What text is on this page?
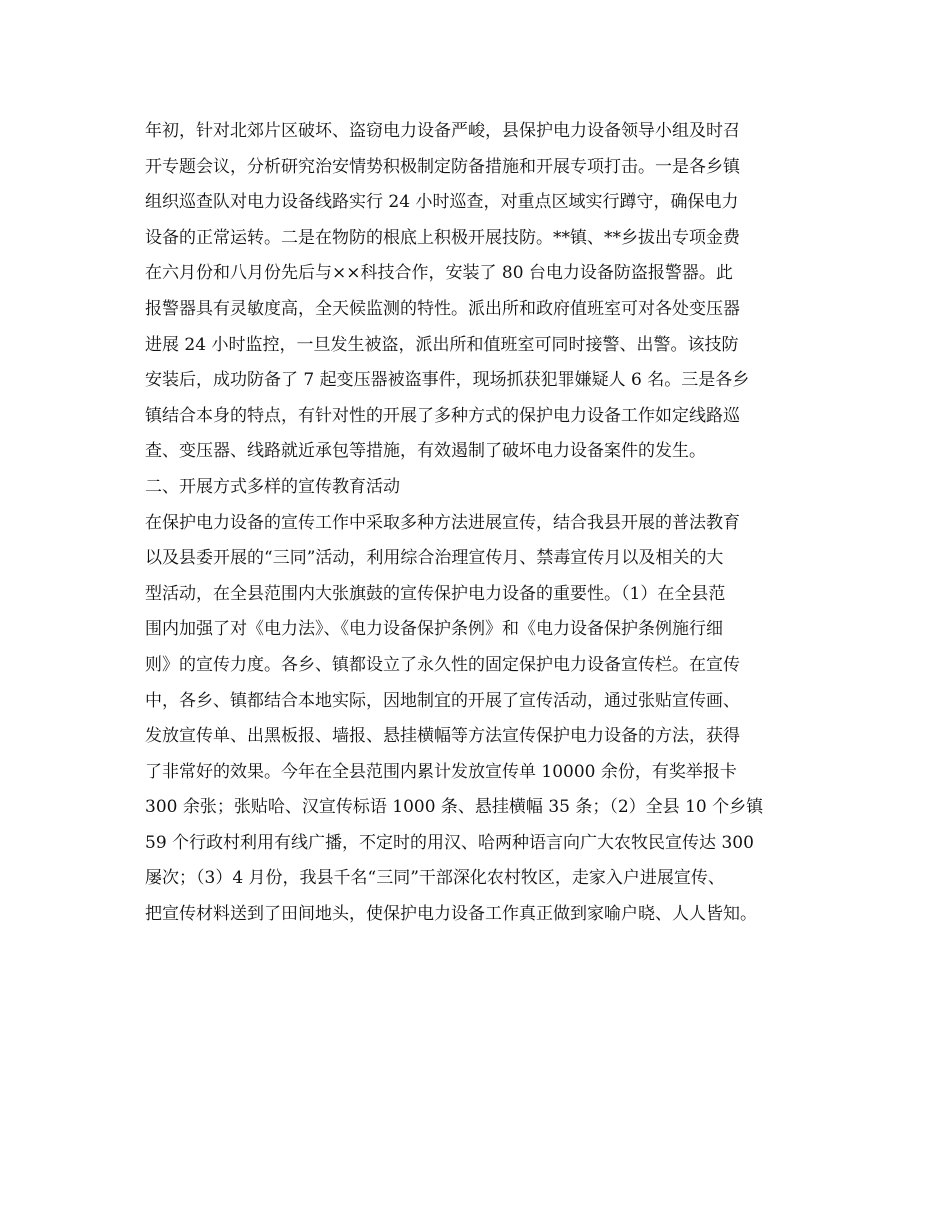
年初，针对北郊片区破坏、盗窃电力设备严峻，县保护电力设备领导小组及时召
开专题会议，分析研究治安情势积极制定防备措施和开展专项打击。一是各乡镇
组织巡查队对电力设备线路实行 24 小时巡查，对重点区域实行蹲守，确保电力
设备的正常运转。二是在物防的根底上积极开展技防。**镇、**乡拔出专项金费
在六月份和八月份先后与××科技合作，安装了 80 台电力设备防盗报警器。此
报警器具有灵敏度高，全天候监测的特性。派出所和政府值班室可对各处变压器
进展 24 小时监控，一旦发生被盗，派出所和值班室可同时接警、出警。该技防
安装后，成功防备了 7 起变压器被盗事件，现场抓获犯罪嫌疑人 6 名。三是各乡
镇结合本身的特点，有针对性的开展了多种方式的保护电力设备工作如定线路巡
查、变压器、线路就近承包等措施，有效遏制了破坏电力设备案件的发生。
二、开展方式多样的宣传教育活动
在保护电力设备的宣传工作中采取多种方法进展宣传，结合我县开展的普法教育
以及县委开展的“三同”活动，利用综合治理宣传月、禁毒宣传月以及相关的大
型活动，在全县范围内大张旗鼓的宣传保护电力设备的重要性。（1）在全县范
围内加强了对《电力法》、《电力设备保护条例》和《电力设备保护条例施行细
则》的宣传力度。各乡、镇都设立了永久性的固定保护电力设备宣传栏。在宣传
中，各乡、镇都结合本地实际，因地制宜的开展了宣传活动，通过张贴宣传画、
发放宣传单、出黑板报、墙报、悬挂横幅等方法宣传保护电力设备的方法，获得
了非常好的效果。今年在全县范围内累计发放宣传单 10000 余份，有奖举报卡
300 余张；张贴哈、汉宣传标语 1000 条、悬挂横幅 35 条；（2）全县 10 个乡镇
59 个行政村利用有线广播，不定时的用汉、哈两种语言向广大农牧民宣传达 300
屡次；（3）4 月份，我县千名“三同”干部深化农村牧区，走家入户进展宣传、
把宣传材料送到了田间地头，使保护电力设备工作真正做到家喻户晓、人人皆知。
